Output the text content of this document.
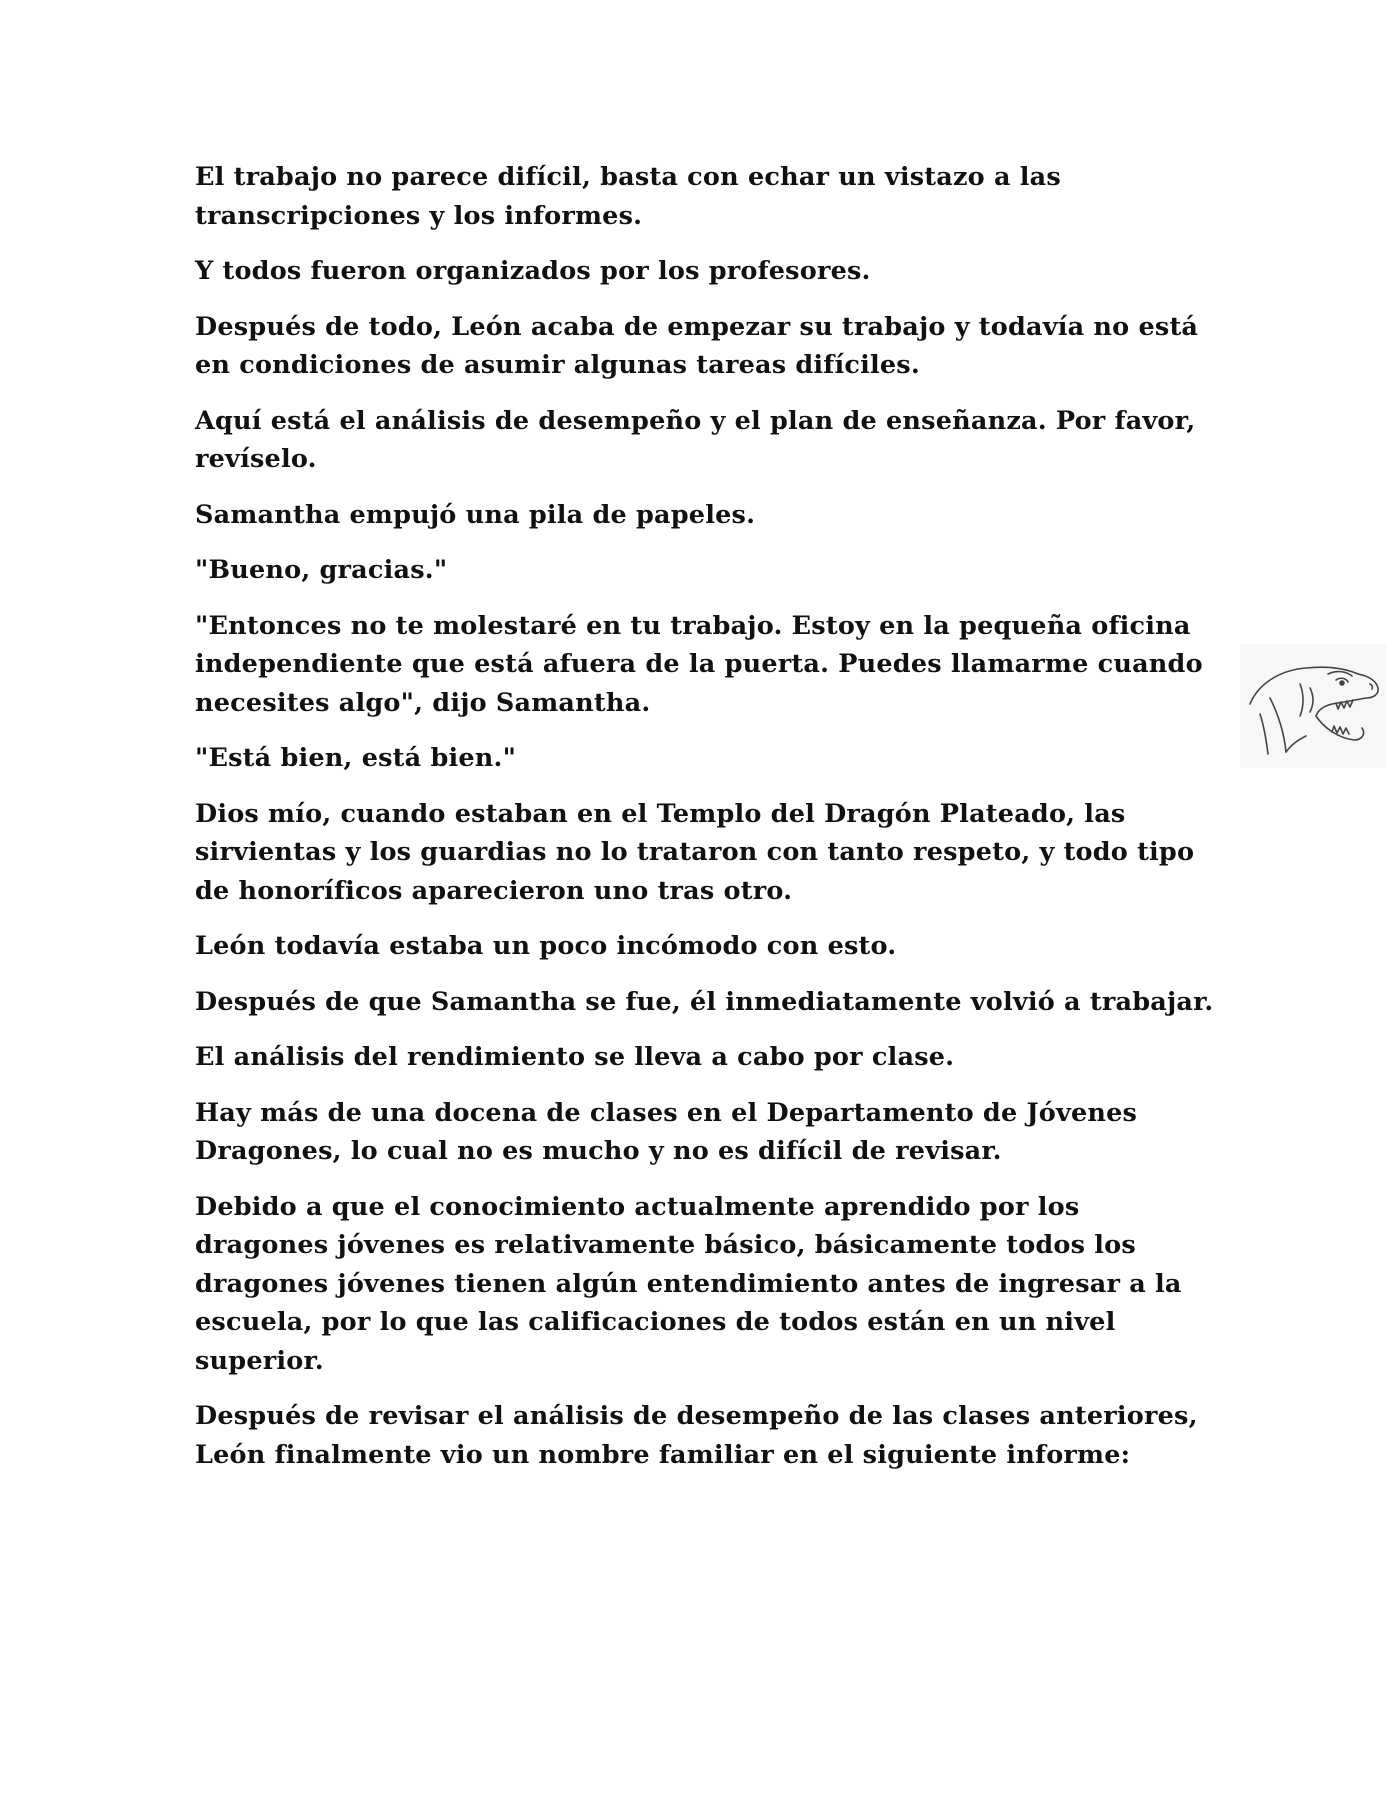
El trabajo no parece difícil, basta con echar un vistazo a las transcripciones y los informes.

Y todos fueron organizados por los profesores.

Después de todo, León acaba de empezar su trabajo y todavía no está en condiciones de asumir algunas tareas difíciles.

Aquí está el análisis de desempeño y el plan de enseñanza. Por favor, revíselo.

Samantha empujó una pila de papeles.

"Bueno, gracias."

"Entonces no te molestaré en tu trabajo. Estoy en la pequeña oficina independiente que está afuera de la puerta. Puedes llamarme cuando necesites algo", dijo Samantha.

"Está bien, está bien."

Dios mío, cuando estaban en el Templo del Dragón Plateado, las sirvientas y los guardias no lo trataron con tanto respeto, y todo tipo de honoríficos aparecieron uno tras otro.

León todavía estaba un poco incómodo con esto.

Después de que Samantha se fue, él inmediatamente volvió a trabajar.

El análisis del rendimiento se lleva a cabo por clase.

Hay más de una docena de clases en el Departamento de Jóvenes Dragones, lo cual no es mucho y no es difícil de revisar.

Debido a que el conocimiento actualmente aprendido por los dragones jóvenes es relativamente básico, básicamente todos los dragones jóvenes tienen algún entendimiento antes de ingresar a la escuela, por lo que las calificaciones de todos están en un nivel superior.

Después de revisar el análisis de desempeño de las clases anteriores, León finalmente vio un nombre familiar en el siguiente informe:
